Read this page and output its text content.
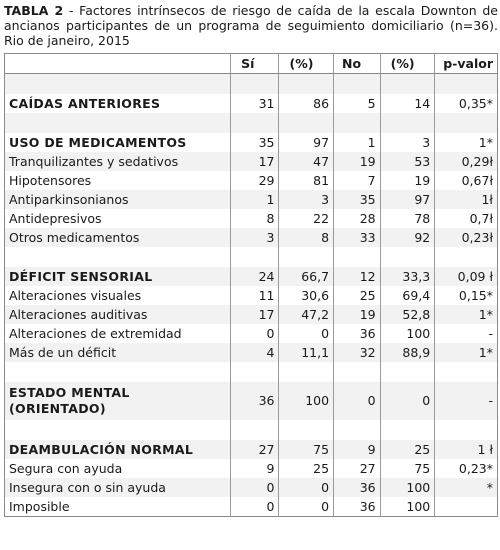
TABLA 2 - Factores intrínsecos de riesgo de caída de la escala Downton de ancianos participantes de un programa de seguimiento domiciliario (n=36). Rio de janeiro, 2015
	Sí	(%)	No	(%)	p-valor

CAÍDAS ANTERIORES	31	86	5	14	0,35*

USO DE MEDICAMENTOS	35	97	1	3	1*
Tranquilizantes y sedativos	17	47	19	53	0,29ł
Hipotensores	29	81	7	19	0,67ł
Antiparkinsonianos	1	3	35	97	1ł
Antidepresivos	8	22	28	78	0,7ł
Otros medicamentos	3	8	33	92	0,23ł

DÉFICIT SENSORIAL	24	66,7	12	33,3	0,09 ł
Alteraciones visuales	11	30,6	25	69,4	0,15*
Alteraciones auditivas	17	47,2	19	52,8	1*
Alteraciones de extremidad	0	0	36	100	-
Más de un déficit	4	11,1	32	88,9	1*

ESTADO MENTAL
(ORIENTADO)	36	100	0	0	-

DEAMBULACIÓN NORMAL	27	75	9	25	1 ł
Segura con ayuda	9	25	27	75	0,23*
Insegura con o sin ayuda	0	0	36	100	*
Imposible	0	0	36	100	
